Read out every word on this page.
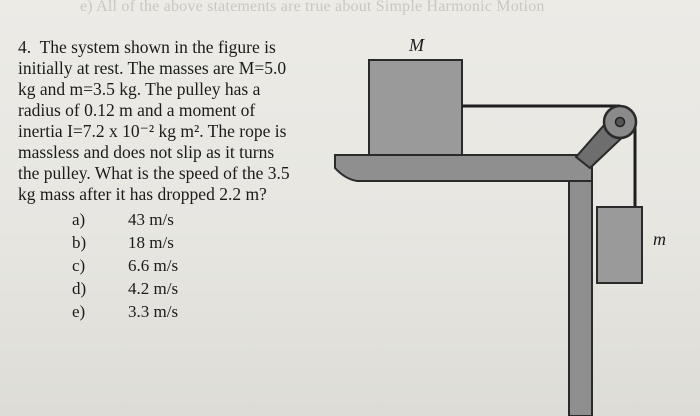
e) All of the above statements are true about Simple Harmonic Motion
4. The system shown in the figure is
initially at rest. The masses are M=5.0
kg and m=3.5 kg. The pulley has a
radius of 0.12 m and a moment of
inertia I=7.2 x 10⁻² kg m². The rope is
massless and does not slip as it turns
the pulley. What is the speed of the 3.5
kg mass after it has dropped 2.2 m?
a)	43 m/s
b)	18 m/s
c)	6.6 m/s
d)	4.2 m/s
e)	3.3 m/s
M
m
